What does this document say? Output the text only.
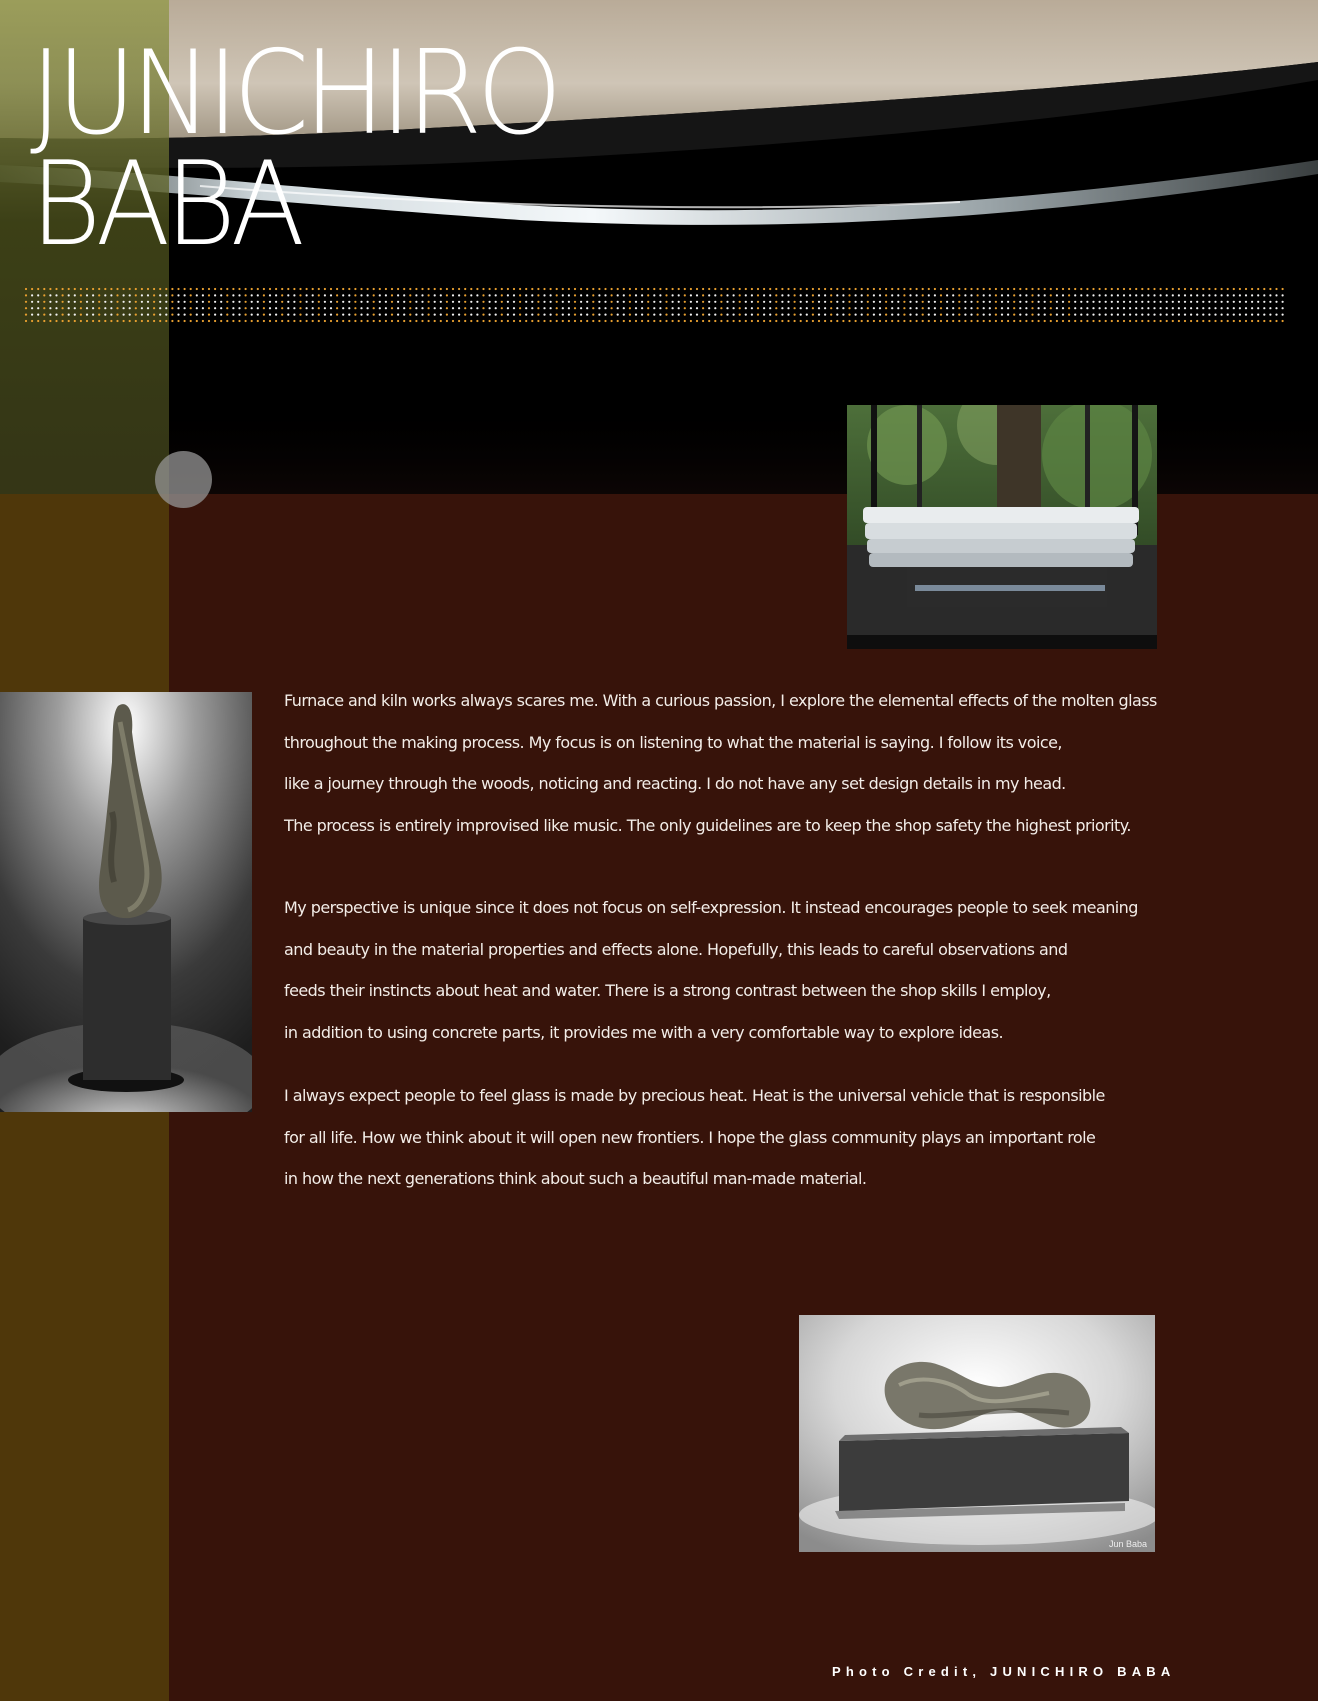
JUNICHIRO
BABA
Jun Baba

Furnace and kiln works always scares me. With a curious passion, I explore the elemental effects of the molten glass
throughout the making process. My focus is on listening to what the material is saying. I follow its voice,
like a journey through the woods, noticing and reacting. I do not have any set design details in my head.
The process is entirely improvised like music. The only guidelines are to keep the shop safety the highest priority.

My perspective is unique since it does not focus on self-expression. It instead encourages people to seek meaning
and beauty in the material properties and effects alone. Hopefully, this leads to careful observations and
feeds their instincts about heat and water. There is a strong contrast between the shop skills I employ,
in addition to using concrete parts, it provides me with a very comfortable way to explore ideas.

I always expect people to feel glass is made by precious heat. Heat is the universal vehicle that is responsible
for all life. How we think about it will open new frontiers. I hope the glass community plays an important role
in how the next generations think about such a beautiful man-made material.

Photo Credit, JUNICHIRO BABA
